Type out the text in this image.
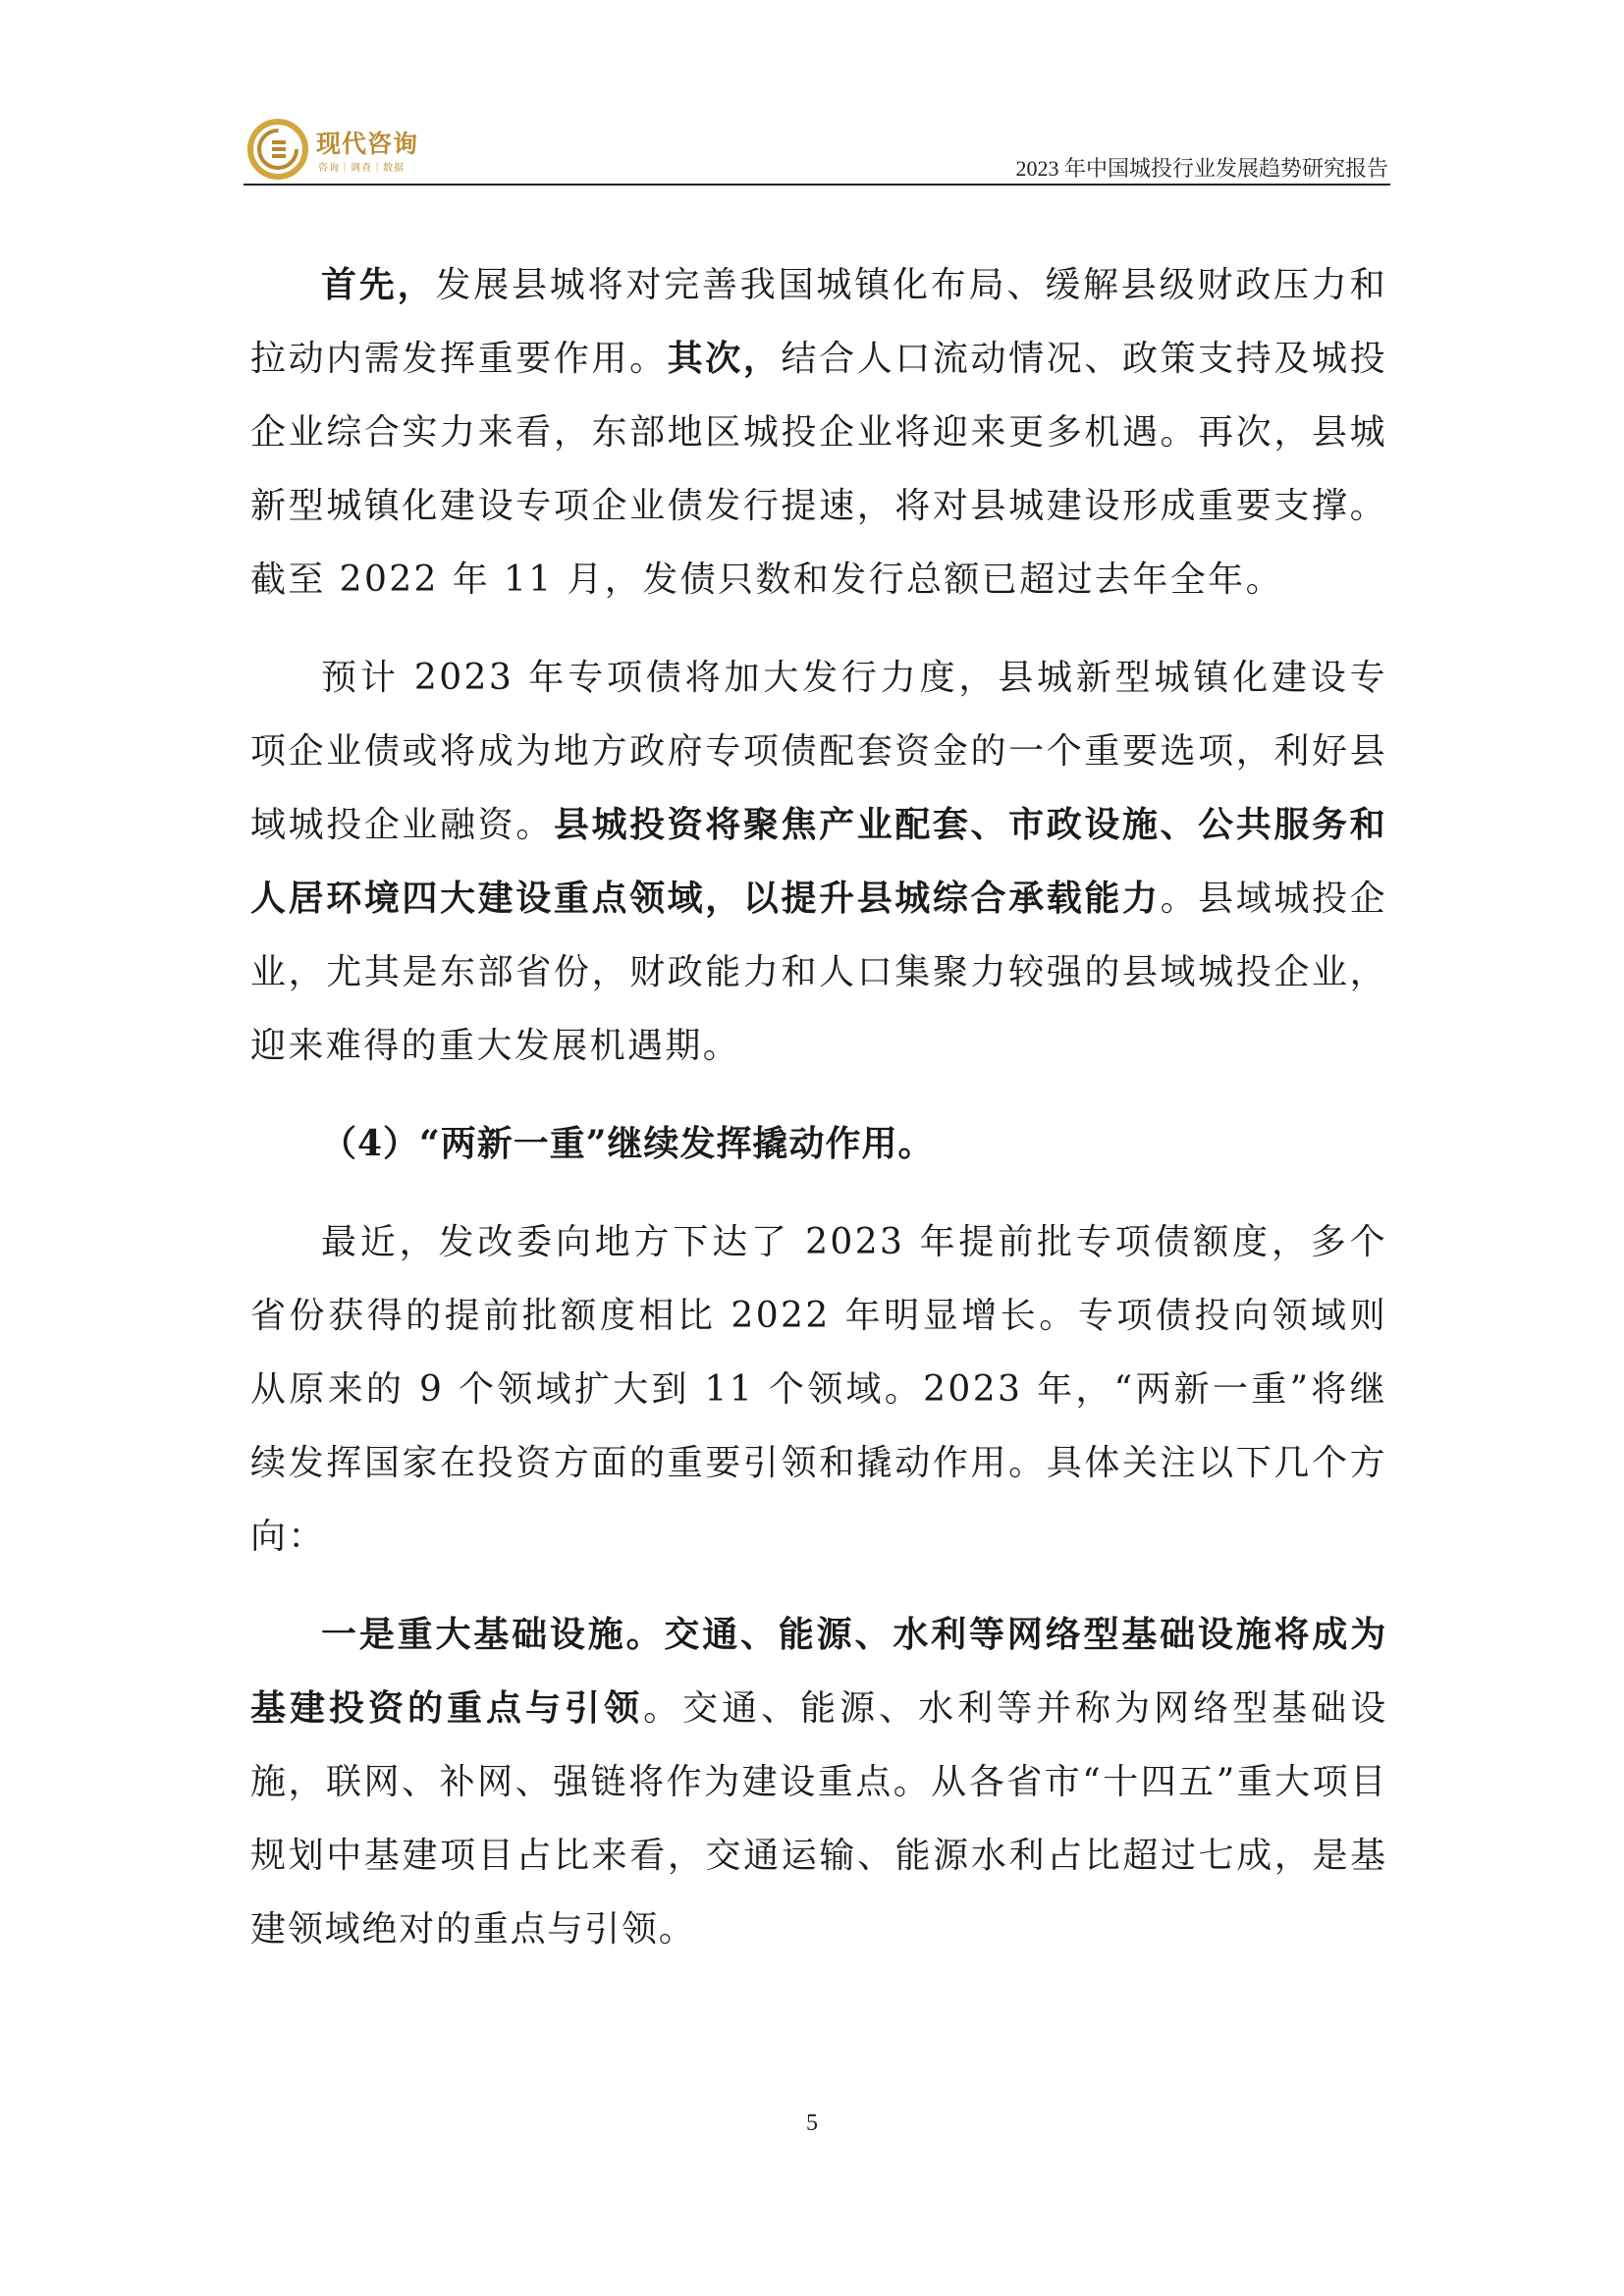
现代咨询
咨询｜调查｜数据	2023 年中国城投行业发展趋势研究报告

首先，发展县城将对完善我国城镇化布局、缓解县级财政压力和拉动内需发挥重要作用。其次，结合人口流动情况、政策支持及城投企业综合实力来看，东部地区城投企业将迎来更多机遇。再次，县城新型城镇化建设专项企业债发行提速，将对县城建设形成重要支撑。截至 2022 年 11 月，发债只数和发行总额已超过去年全年。

预计 2023 年专项债将加大发行力度，县城新型城镇化建设专项企业债或将成为地方政府专项债配套资金的一个重要选项，利好县域城投企业融资。县城投资将聚焦产业配套、市政设施、公共服务和人居环境四大建设重点领域，以提升县城综合承载能力。县域城投企业，尤其是东部省份，财政能力和人口集聚力较强的县域城投企业，迎来难得的重大发展机遇期。

（4）“两新一重”继续发挥撬动作用。

最近，发改委向地方下达了 2023 年提前批专项债额度，多个省份获得的提前批额度相比 2022 年明显增长。专项债投向领域则从原来的 9 个领域扩大到 11 个领域。2023 年，“两新一重”将继续发挥国家在投资方面的重要引领和撬动作用。具体关注以下几个方向：

一是重大基础设施。交通、能源、水利等网络型基础设施将成为基建投资的重点与引领。交通、能源、水利等并称为网络型基础设施，联网、补网、强链将作为建设重点。从各省市“十四五”重大项目规划中基建项目占比来看，交通运输、能源水利占比超过七成，是基建领域绝对的重点与引领。

5
